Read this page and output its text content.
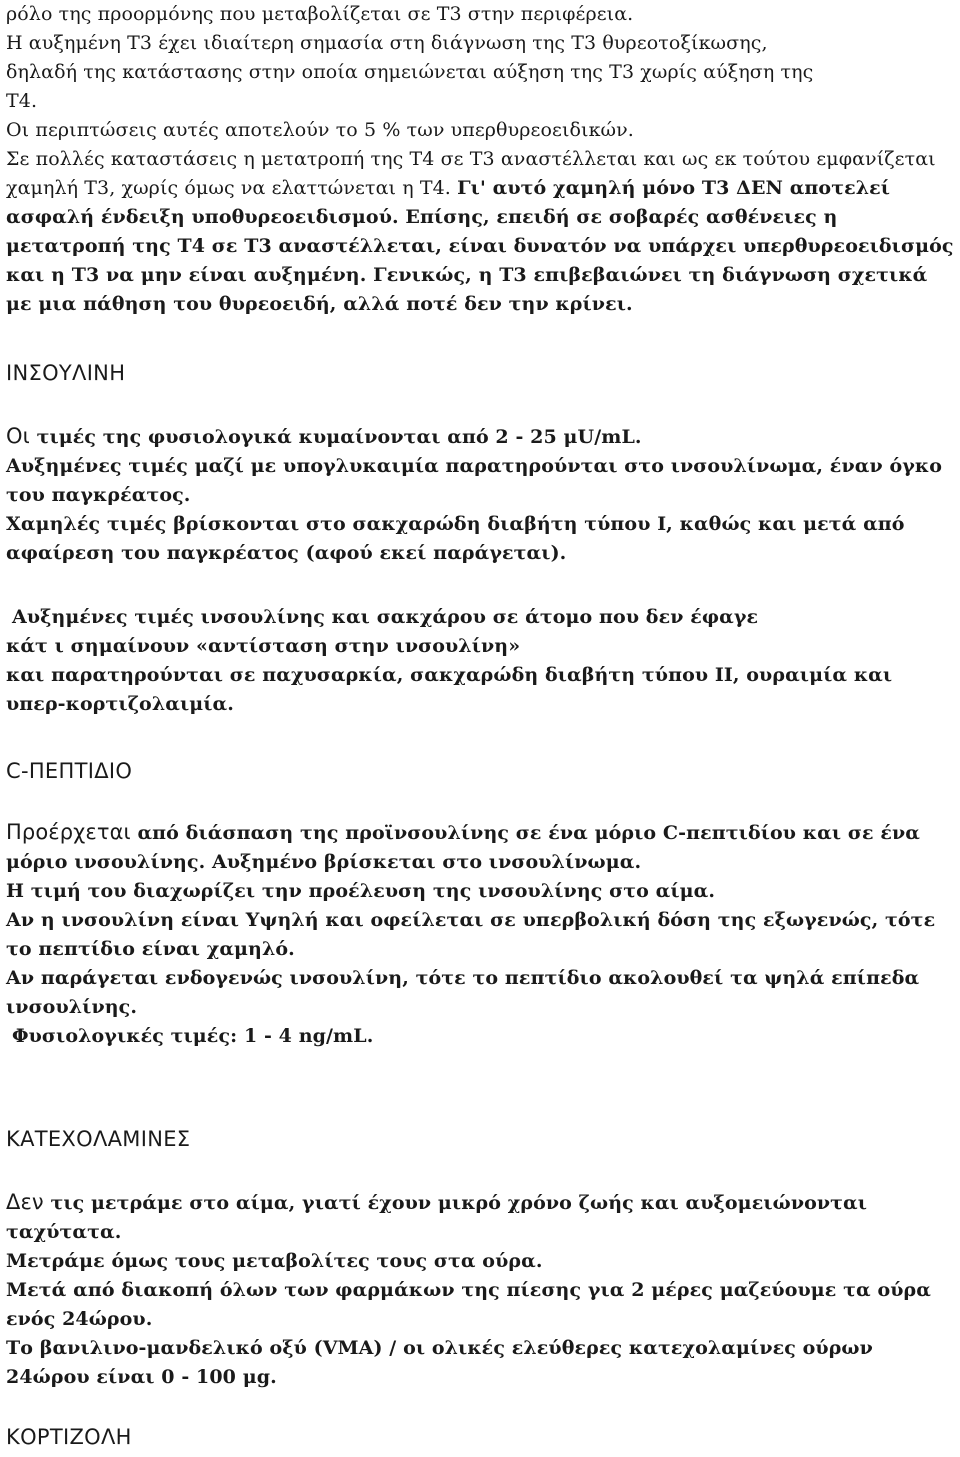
ρόλο της προορμόνης που μεταβολίζεται σε Τ3 στην περιφέρεια.

Η αυξημένη Τ3 έχει ιδιαίτερη σημασία στη διάγνωση της Τ3 θυρεοτοξίκωσης,

δηλαδή της κατάστασης στην οποία σημειώνεται αύξηση της Τ3 χωρίς αύξηση της

Τ4.

Οι περιπτώσεις αυτές αποτελούν το 5 % των υπερθυρεοειδικών.

Σε πολλές καταστάσεις η μετατροπή της Τ4 σε Τ3 αναστέλλεται και ως εκ τούτου εμφανίζεται χαμηλή Τ3, χωρίς όμως να ελαττώνεται η Τ4. Γι' αυτό χαμηλή μόνο Τ3 ΔΕΝ αποτελεί ασφαλή ένδειξη υποθυρεοειδισμού. Επίσης, επειδή σε σοβαρές ασθένειες η μετατροπή της Τ4 σε Τ3 αναστέλλεται, είναι δυνατόν να υπάρχει υπερθυρεοειδισμός και η Τ3 να μην είναι αυξημένη. Γενικώς, η Τ3 επιβεβαιώνει τη διάγνωση σχετικά με μια πάθηση του θυρεοειδή, αλλά ποτέ δεν την κρίνει.

ΙΝΣΟΥΛΙΝΗ

Οι τιμές της φυσιολογικά κυμαίνονται από 2 - 25 μU/mL.

Αυξημένες τιμές μαζί με υπογλυκαιμία παρατηρούνται στο ινσουλίνωμα, έναν όγκο του παγκρέατος.

Χαμηλές τιμές βρίσκονται στο σακχαρώδη διαβήτη τύπου Ι, καθώς και μετά από αφαίρεση του παγκρέατος (αφού εκεί παράγεται).

Αυξημένες τιμές ινσουλίνης και σακχάρου σε άτομο που δεν έφαγε

κάτ ι σημαίνουν «αντίσταση στην ινσουλίνη»

και παρατηρούνται σε παχυσαρκία, σακχαρώδη διαβήτη τύπου ΙΙ, ουραιμία και υπερ-κορτιζολαιμία.

C-ΠΕΠΤΙΔΙΟ

Προέρχεται από διάσπαση της προϊνσουλίνης σε ένα μόριο C-πεπτιδίου και σε ένα μόριο ινσουλίνης. Αυξημένο βρίσκεται στο ινσουλίνωμα.

Η τιμή του διαχωρίζει την προέλευση της ινσουλίνης στο αίμα.

Αν η ινσουλίνη είναι Υψηλή και οφείλεται σε υπερβολική δόση της εξωγενώς, τότε το πεπτίδιο είναι χαμηλό.

Αν παράγεται ενδογενώς ινσουλίνη, τότε το πεπτίδιο ακολουθεί τα ψηλά επίπεδα ινσουλίνης.

Φυσιολογικές τιμές: 1 - 4 ng/mL.

ΚΑΤΕΧΟΛΑΜΙΝΕΣ

Δεν τις μετράμε στο αίμα, γιατί έχουν μικρό χρόνο ζωής και αυξομειώνονται ταχύτατα.

Μετράμε όμως τους μεταβολίτες τους στα ούρα.

Μετά από διακοπή όλων των φαρμάκων της πίεσης για 2 μέρες μαζεύουμε τα ούρα ενός 24ώρου.

Το βανιλινο-μανδελικό οξύ (VMA) / οι ολικές ελεύθερες κατεχολαμίνες ούρων 24ώρου είναι 0 - 100 μg.

ΚΟΡΤΙΖΟΛΗ
